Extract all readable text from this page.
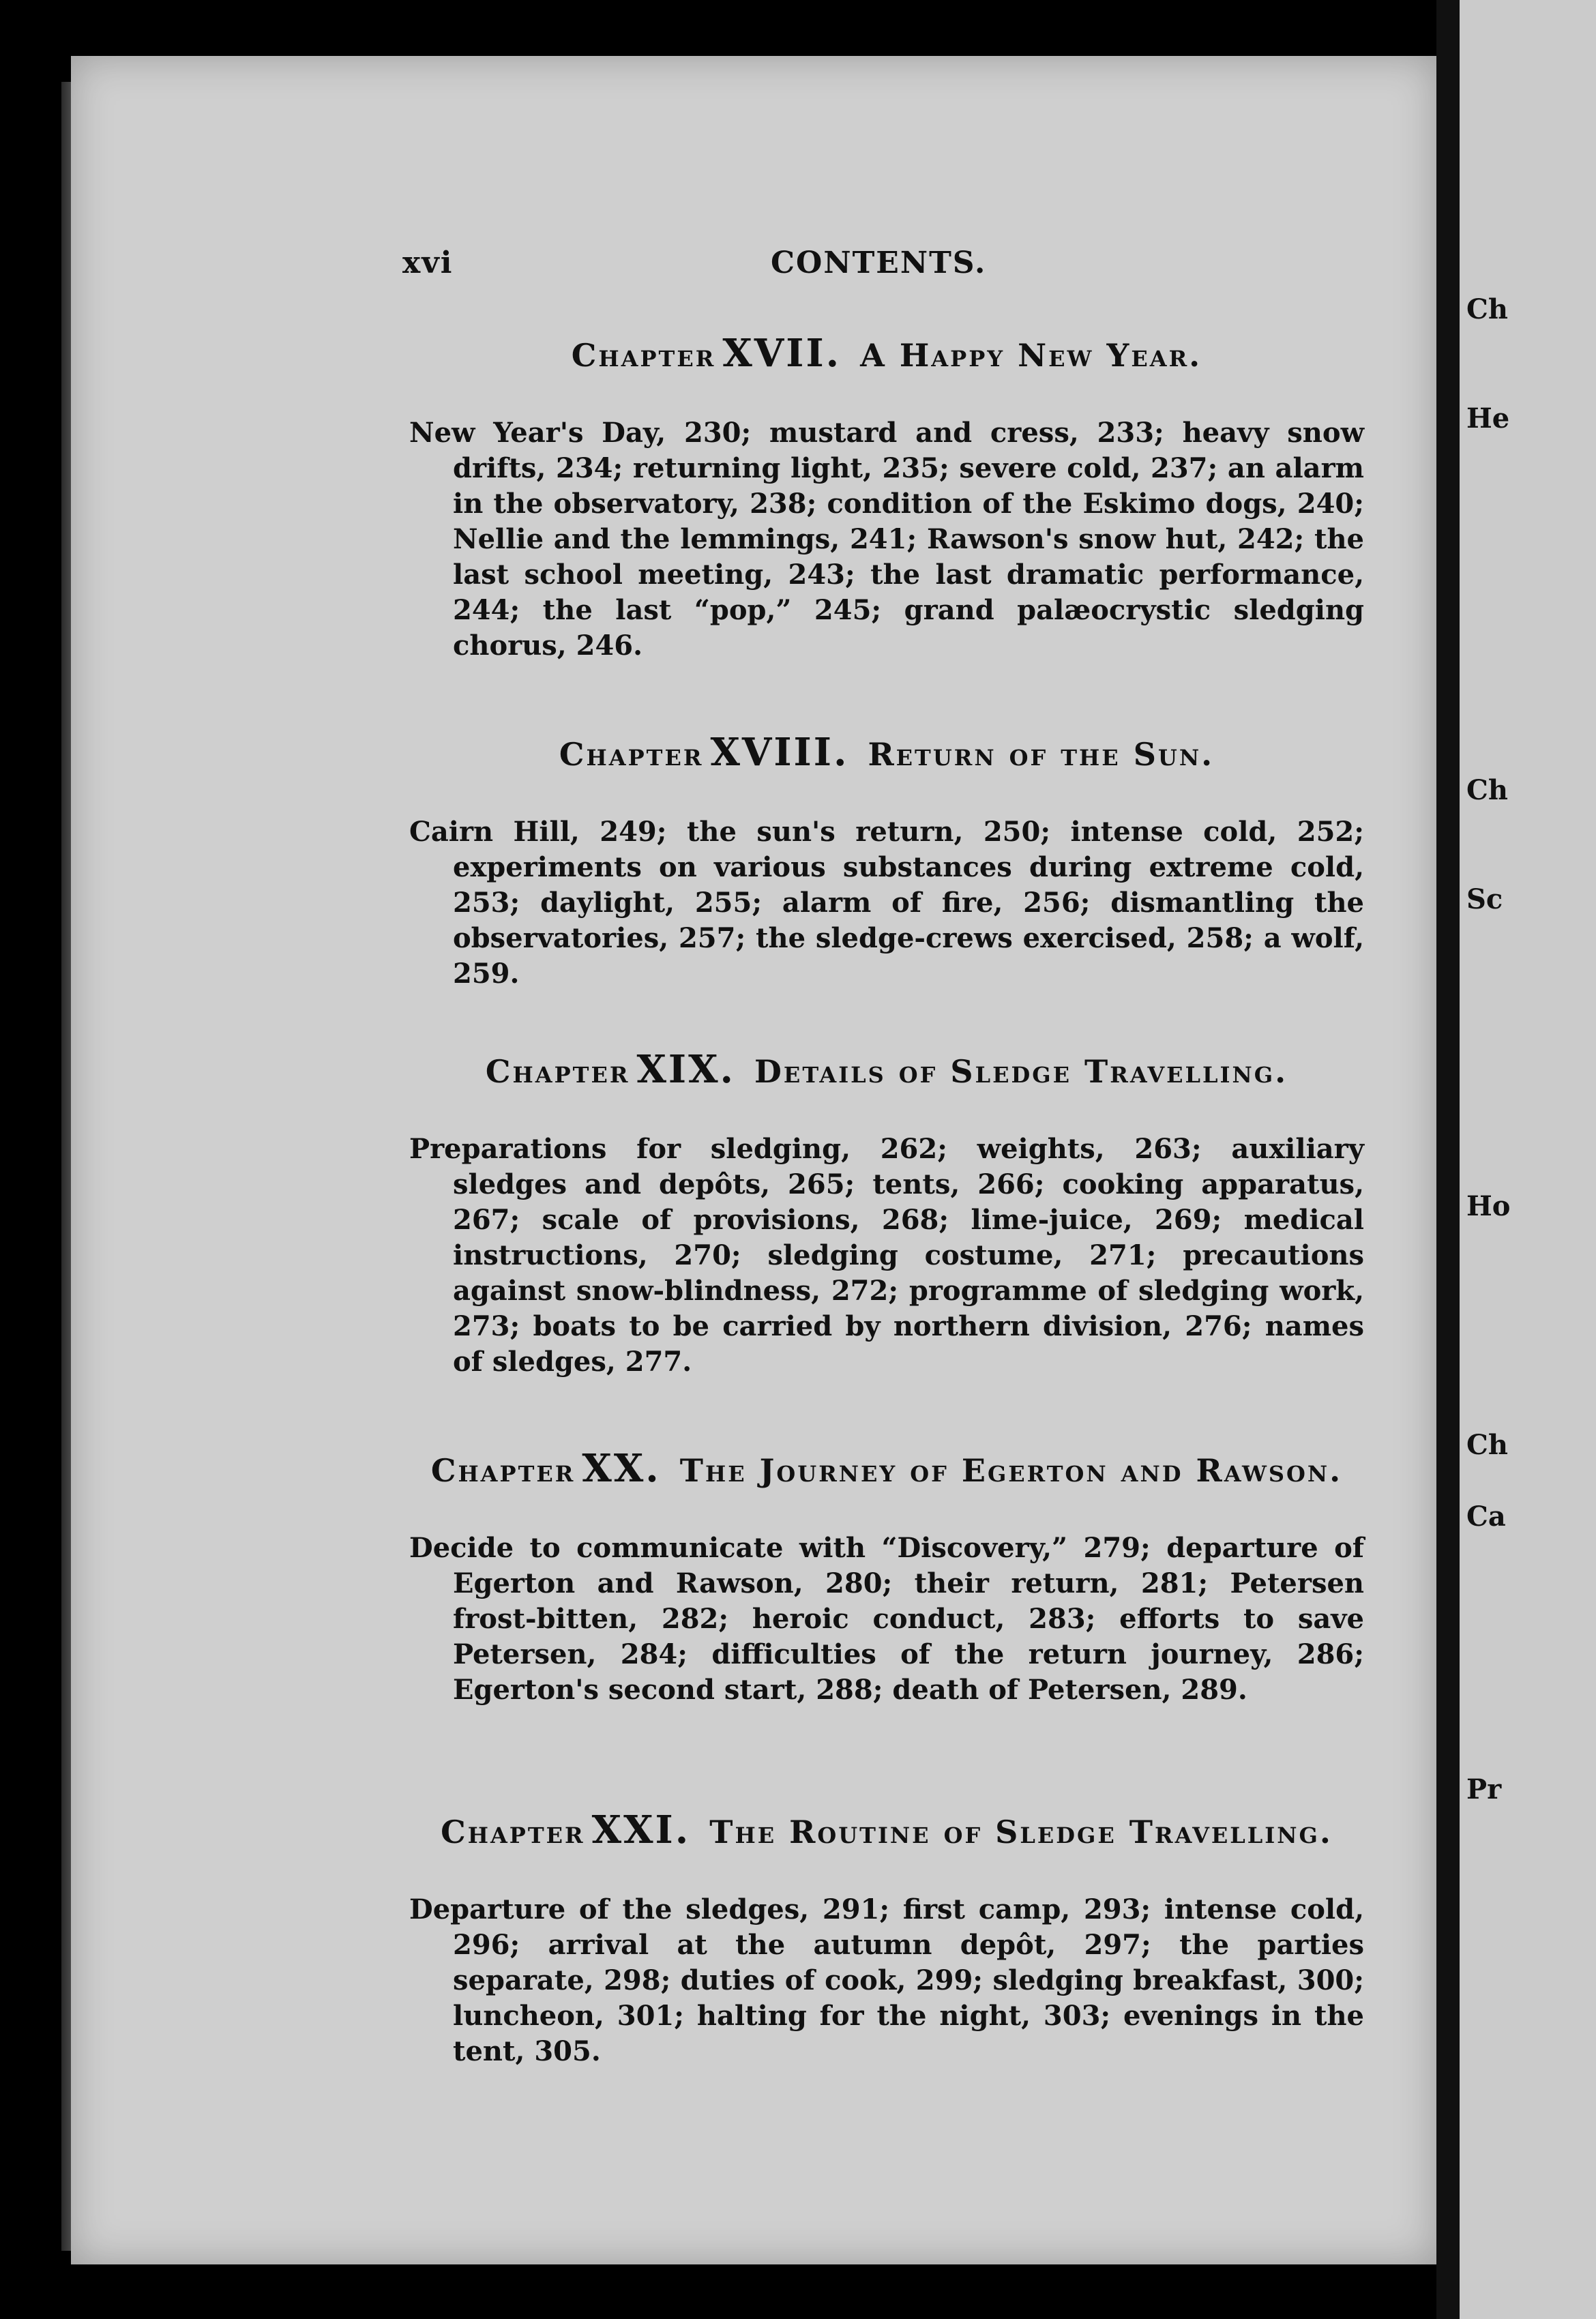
Ch
He
Ch
Sc
Ho
Ch
Ca
Pr
xvi	CONTENTS.

Chapter XVII. A Happy New Year.

New Year's Day, 230; mustard and cress, 233; heavy snow drifts, 234; returning light, 235; severe cold, 237; an alarm in the observatory, 238; condition of the Eskimo dogs, 240; Nellie and the lemmings, 241; Rawson's snow hut, 242; the last school meeting, 243; the last dramatic performance, 244; the last “pop,” 245; grand palæocrystic sledging chorus, 246.

Chapter XVIII. Return of the Sun.

Cairn Hill, 249; the sun's return, 250; intense cold, 252; experiments on various substances during extreme cold, 253; daylight, 255; alarm of fire, 256; dismantling the observatories, 257; the sledge-crews exercised, 258; a wolf, 259.

Chapter XIX. Details of Sledge Travelling.

Preparations for sledging, 262; weights, 263; auxiliary sledges and depôts, 265; tents, 266; cooking apparatus, 267; scale of provisions, 268; lime-juice, 269; medical instructions, 270; sledging costume, 271; precautions against snow-blindness, 272; programme of sledging work, 273; boats to be carried by northern division, 276; names of sledges, 277.

Chapter XX. The Journey of Egerton and Rawson.

Decide to communicate with “Discovery,” 279; departure of Egerton and Rawson, 280; their return, 281; Petersen frost-bitten, 282; heroic conduct, 283; efforts to save Petersen, 284; difficulties of the return journey, 286; Egerton's second start, 288; death of Petersen, 289.

Chapter XXI. The Routine of Sledge Travelling.

Departure of the sledges, 291; first camp, 293; intense cold, 296; arrival at the autumn depôt, 297; the parties separate, 298; duties of cook, 299; sledging breakfast, 300; luncheon, 301; halting for the night, 303; evenings in the tent, 305.
